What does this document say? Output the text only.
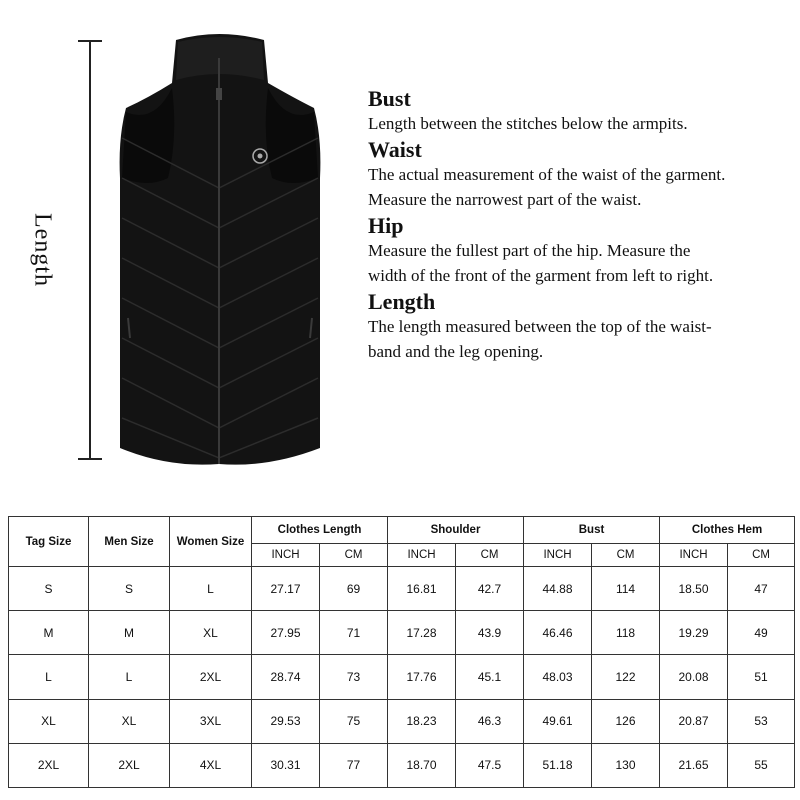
Length
Bust
Length between the stitches below the armpits.
Waist
The actual measurement of the waist of the garment.
Measure the narrowest part of the waist.
Hip
Measure the fullest part of the hip. Measure the
width of the front of the garment from left to right.
Length
The length measured between the top of the waist-
band and the leg opening.
Tag Size	Men Size	Women Size	Clothes Length		Shoulder		Bust		Clothes Hem	
			INCH	CM	INCH	CM	INCH	CM	INCH	CM
S	S	L	27.17	69	16.81	42.7	44.88	114	18.50	47
M	M	XL	27.95	71	17.28	43.9	46.46	118	19.29	49
L	L	2XL	28.74	73	17.76	45.1	48.03	122	20.08	51
XL	XL	3XL	29.53	75	18.23	46.3	49.61	126	20.87	53
2XL	2XL	4XL	30.31	77	18.70	47.5	51.18	130	21.65	55
